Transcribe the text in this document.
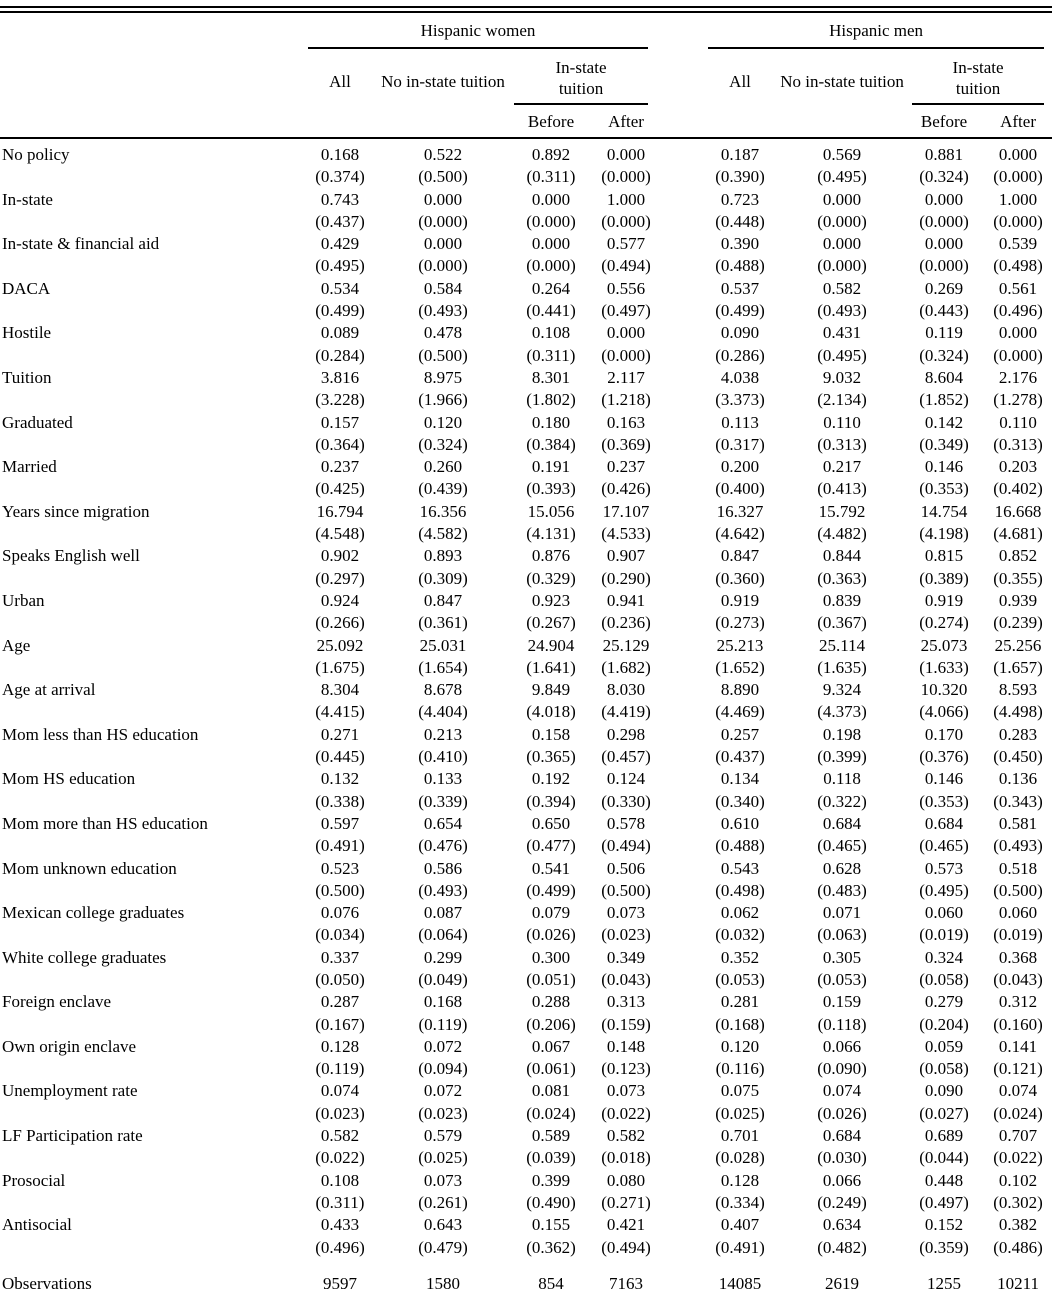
	Hispanic women					Hispanic men			

	All	No in-state tuition	In-state tuition			All	No in-state tuition	In-state tuition	

			Before	After				Before	After
No policy	0.168	0.522	0.892	0.000		0.187	0.569	0.881	0.000
	(0.374)	(0.500)	(0.311)	(0.000)		(0.390)	(0.495)	(0.324)	(0.000)
In-state	0.743	0.000	0.000	1.000		0.723	0.000	0.000	1.000
	(0.437)	(0.000)	(0.000)	(0.000)		(0.448)	(0.000)	(0.000)	(0.000)
In-state & financial aid	0.429	0.000	0.000	0.577		0.390	0.000	0.000	0.539
	(0.495)	(0.000)	(0.000)	(0.494)		(0.488)	(0.000)	(0.000)	(0.498)
DACA	0.534	0.584	0.264	0.556		0.537	0.582	0.269	0.561
	(0.499)	(0.493)	(0.441)	(0.497)		(0.499)	(0.493)	(0.443)	(0.496)
Hostile	0.089	0.478	0.108	0.000		0.090	0.431	0.119	0.000
	(0.284)	(0.500)	(0.311)	(0.000)		(0.286)	(0.495)	(0.324)	(0.000)
Tuition	3.816	8.975	8.301	2.117		4.038	9.032	8.604	2.176
	(3.228)	(1.966)	(1.802)	(1.218)		(3.373)	(2.134)	(1.852)	(1.278)
Graduated	0.157	0.120	0.180	0.163		0.113	0.110	0.142	0.110
	(0.364)	(0.324)	(0.384)	(0.369)		(0.317)	(0.313)	(0.349)	(0.313)
Married	0.237	0.260	0.191	0.237		0.200	0.217	0.146	0.203
	(0.425)	(0.439)	(0.393)	(0.426)		(0.400)	(0.413)	(0.353)	(0.402)
Years since migration	16.794	16.356	15.056	17.107		16.327	15.792	14.754	16.668
	(4.548)	(4.582)	(4.131)	(4.533)		(4.642)	(4.482)	(4.198)	(4.681)
Speaks English well	0.902	0.893	0.876	0.907		0.847	0.844	0.815	0.852
	(0.297)	(0.309)	(0.329)	(0.290)		(0.360)	(0.363)	(0.389)	(0.355)
Urban	0.924	0.847	0.923	0.941		0.919	0.839	0.919	0.939
	(0.266)	(0.361)	(0.267)	(0.236)		(0.273)	(0.367)	(0.274)	(0.239)
Age	25.092	25.031	24.904	25.129		25.213	25.114	25.073	25.256
	(1.675)	(1.654)	(1.641)	(1.682)		(1.652)	(1.635)	(1.633)	(1.657)
Age at arrival	8.304	8.678	9.849	8.030		8.890	9.324	10.320	8.593
	(4.415)	(4.404)	(4.018)	(4.419)		(4.469)	(4.373)	(4.066)	(4.498)
Mom less than HS education	0.271	0.213	0.158	0.298		0.257	0.198	0.170	0.283
	(0.445)	(0.410)	(0.365)	(0.457)		(0.437)	(0.399)	(0.376)	(0.450)
Mom HS education	0.132	0.133	0.192	0.124		0.134	0.118	0.146	0.136
	(0.338)	(0.339)	(0.394)	(0.330)		(0.340)	(0.322)	(0.353)	(0.343)
Mom more than HS education	0.597	0.654	0.650	0.578		0.610	0.684	0.684	0.581
	(0.491)	(0.476)	(0.477)	(0.494)		(0.488)	(0.465)	(0.465)	(0.493)
Mom unknown education	0.523	0.586	0.541	0.506		0.543	0.628	0.573	0.518
	(0.500)	(0.493)	(0.499)	(0.500)		(0.498)	(0.483)	(0.495)	(0.500)
Mexican college graduates	0.076	0.087	0.079	0.073		0.062	0.071	0.060	0.060
	(0.034)	(0.064)	(0.026)	(0.023)		(0.032)	(0.063)	(0.019)	(0.019)
White college graduates	0.337	0.299	0.300	0.349		0.352	0.305	0.324	0.368
	(0.050)	(0.049)	(0.051)	(0.043)		(0.053)	(0.053)	(0.058)	(0.043)
Foreign enclave	0.287	0.168	0.288	0.313		0.281	0.159	0.279	0.312
	(0.167)	(0.119)	(0.206)	(0.159)		(0.168)	(0.118)	(0.204)	(0.160)
Own origin enclave	0.128	0.072	0.067	0.148		0.120	0.066	0.059	0.141
	(0.119)	(0.094)	(0.061)	(0.123)		(0.116)	(0.090)	(0.058)	(0.121)
Unemployment rate	0.074	0.072	0.081	0.073		0.075	0.074	0.090	0.074
	(0.023)	(0.023)	(0.024)	(0.022)		(0.025)	(0.026)	(0.027)	(0.024)
LF Participation rate	0.582	0.579	0.589	0.582		0.701	0.684	0.689	0.707
	(0.022)	(0.025)	(0.039)	(0.018)		(0.028)	(0.030)	(0.044)	(0.022)
Prosocial	0.108	0.073	0.399	0.080		0.128	0.066	0.448	0.102
	(0.311)	(0.261)	(0.490)	(0.271)		(0.334)	(0.249)	(0.497)	(0.302)
Antisocial	0.433	0.643	0.155	0.421		0.407	0.634	0.152	0.382
	(0.496)	(0.479)	(0.362)	(0.494)		(0.491)	(0.482)	(0.359)	(0.486)
Observations	9597	1580	854	7163		14085	2619	1255	10211
